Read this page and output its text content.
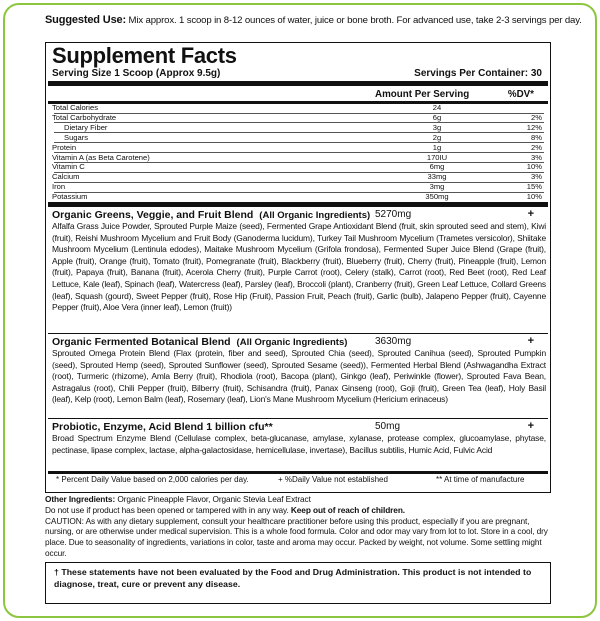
Suggested Use: Mix approx. 1 scoop in 8-12 ounces of water, juice or bone broth. For advanced use, take 2-3 servings per day.
Supplement Facts
Serving Size 1 Scoop (Approx 9.5g)	Servings Per Container: 30
Amount Per Serving	%DV*
Total Calories	24
Total Carbohydrate	6g	2%
Dietary Fiber	3g	12%
Sugars	2g	8%
Protein	1g	2%
Vitamin A (as Beta Carotene)	170IU	3%
Vitamin C	6mg	10%
Calcium	33mg	3%
Iron	3mg	15%
Potassium	350mg	10%
Organic Greens, Veggie, and Fruit Blend (All Organic Ingredients) 5270mg	+
Alfalfa Grass Juice Powder, Sprouted Purple Maize (seed), Fermented Grape Antioxidant Blend (fruit, skin sprouted seed and stem), Kiwi (fruit), Reishi Mushroom Mycelium and Fruit Body (Ganoderma lucidum), Turkey Tail Mushroom Mycelium (Trametes versicolor), Shiitake Mushroom Mycelium (Lentinula edodes), Maitake Mushroom Mycelium (Grifola frondosa), Fermented Super Juice Blend (Grape (fruit), Apple (fruit), Orange (fruit), Tomato (fruit), Pomegranate (fruit), Blackberry (fruit), Blueberry (fruit), Cherry (fruit), Pineapple (fruit), Lemon (fruit), Papaya (fruit), Banana (fruit), Acerola Cherry (fruit), Purple Carrot (root), Celery (stalk), Carrot (root), Red Beet (root), Red Leaf Lettuce, Kale (leaf), Spinach (leaf), Watercress (leaf), Parsley (leaf), Broccoli (plant), Cranberry (fruit), Green Leaf Lettuce, Collard Greens (leaf), Squash (gourd), Sweet Pepper (fruit), Rose Hip (Fruit), Passion Fruit, Peach (fruit), Garlic (bulb), Jalapeno Pepper (fruit), Cayenne Pepper (fruit), Aloe Vera (inner leaf), Lemon (fruit))
Organic Fermented Botanical Blend (All Organic Ingredients)	3630mg	+
Sprouted Omega Protein Blend (Flax (protein, fiber and seed), Sprouted Chia (seed), Sprouted Canihua (seed), Sprouted Pumpkin (seed), Sprouted Hemp (seed), Sprouted Sunflower (seed), Sprouted Sesame (seed)), Fermented Herbal Blend (Ashwagandha Extract (root), Turmeric (rhizome), Amla Berry (fruit), Rhodiola (root), Bacopa (plant), Ginkgo (leaf), Periwinkle (flower), Sprouted Fava Bean, Astragalus (root), Chili Pepper (fruit), Bilberry (fruit), Schisandra (fruit), Panax Ginseng (root), Goji (fruit), Green Tea (leaf), Holy Basil (leaf), Kelp (root), Lemon Balm (leaf), Rosemary (leaf), Lion's Mane Mushroom Mycelium (Hericium erinaceus)
Probiotic, Enzyme, Acid Blend 1 billion cfu**	50mg	+
Broad Spectrum Enzyme Blend (Cellulase complex, beta-glucanase, amylase, xylanase, protease complex, glucoamylase, phytase, pectinase, lipase complex, lactase, alpha-galactosidase, hemicellulase, invertase), Bacillus subtilis, Humic Acid, Fulvic Acid
* Percent Daily Value based on 2,000 calories per day.	+ %Daily Value not established	** At time of manufacture
Other Ingredients: Organic Pineapple Flavor, Organic Stevia Leaf Extract
Do not use if product has been opened or tampered with in any way. Keep out of reach of children.
CAUTION: As with any dietary supplement, consult your healthcare practitioner before using this product, especially if you are pregnant, nursing, or are otherwise under medical supervision. This is a whole food formula. Color and odor may vary from lot to lot. Store in a cool, dry place. Due to seasonality of ingredients, variations in color, taste and aroma may occur. Packed by weight, not volume. Some settling might occur.
† These statements have not been evaluated by the Food and Drug Administration. This product is not intended to diagnose, treat, cure or prevent any disease.
